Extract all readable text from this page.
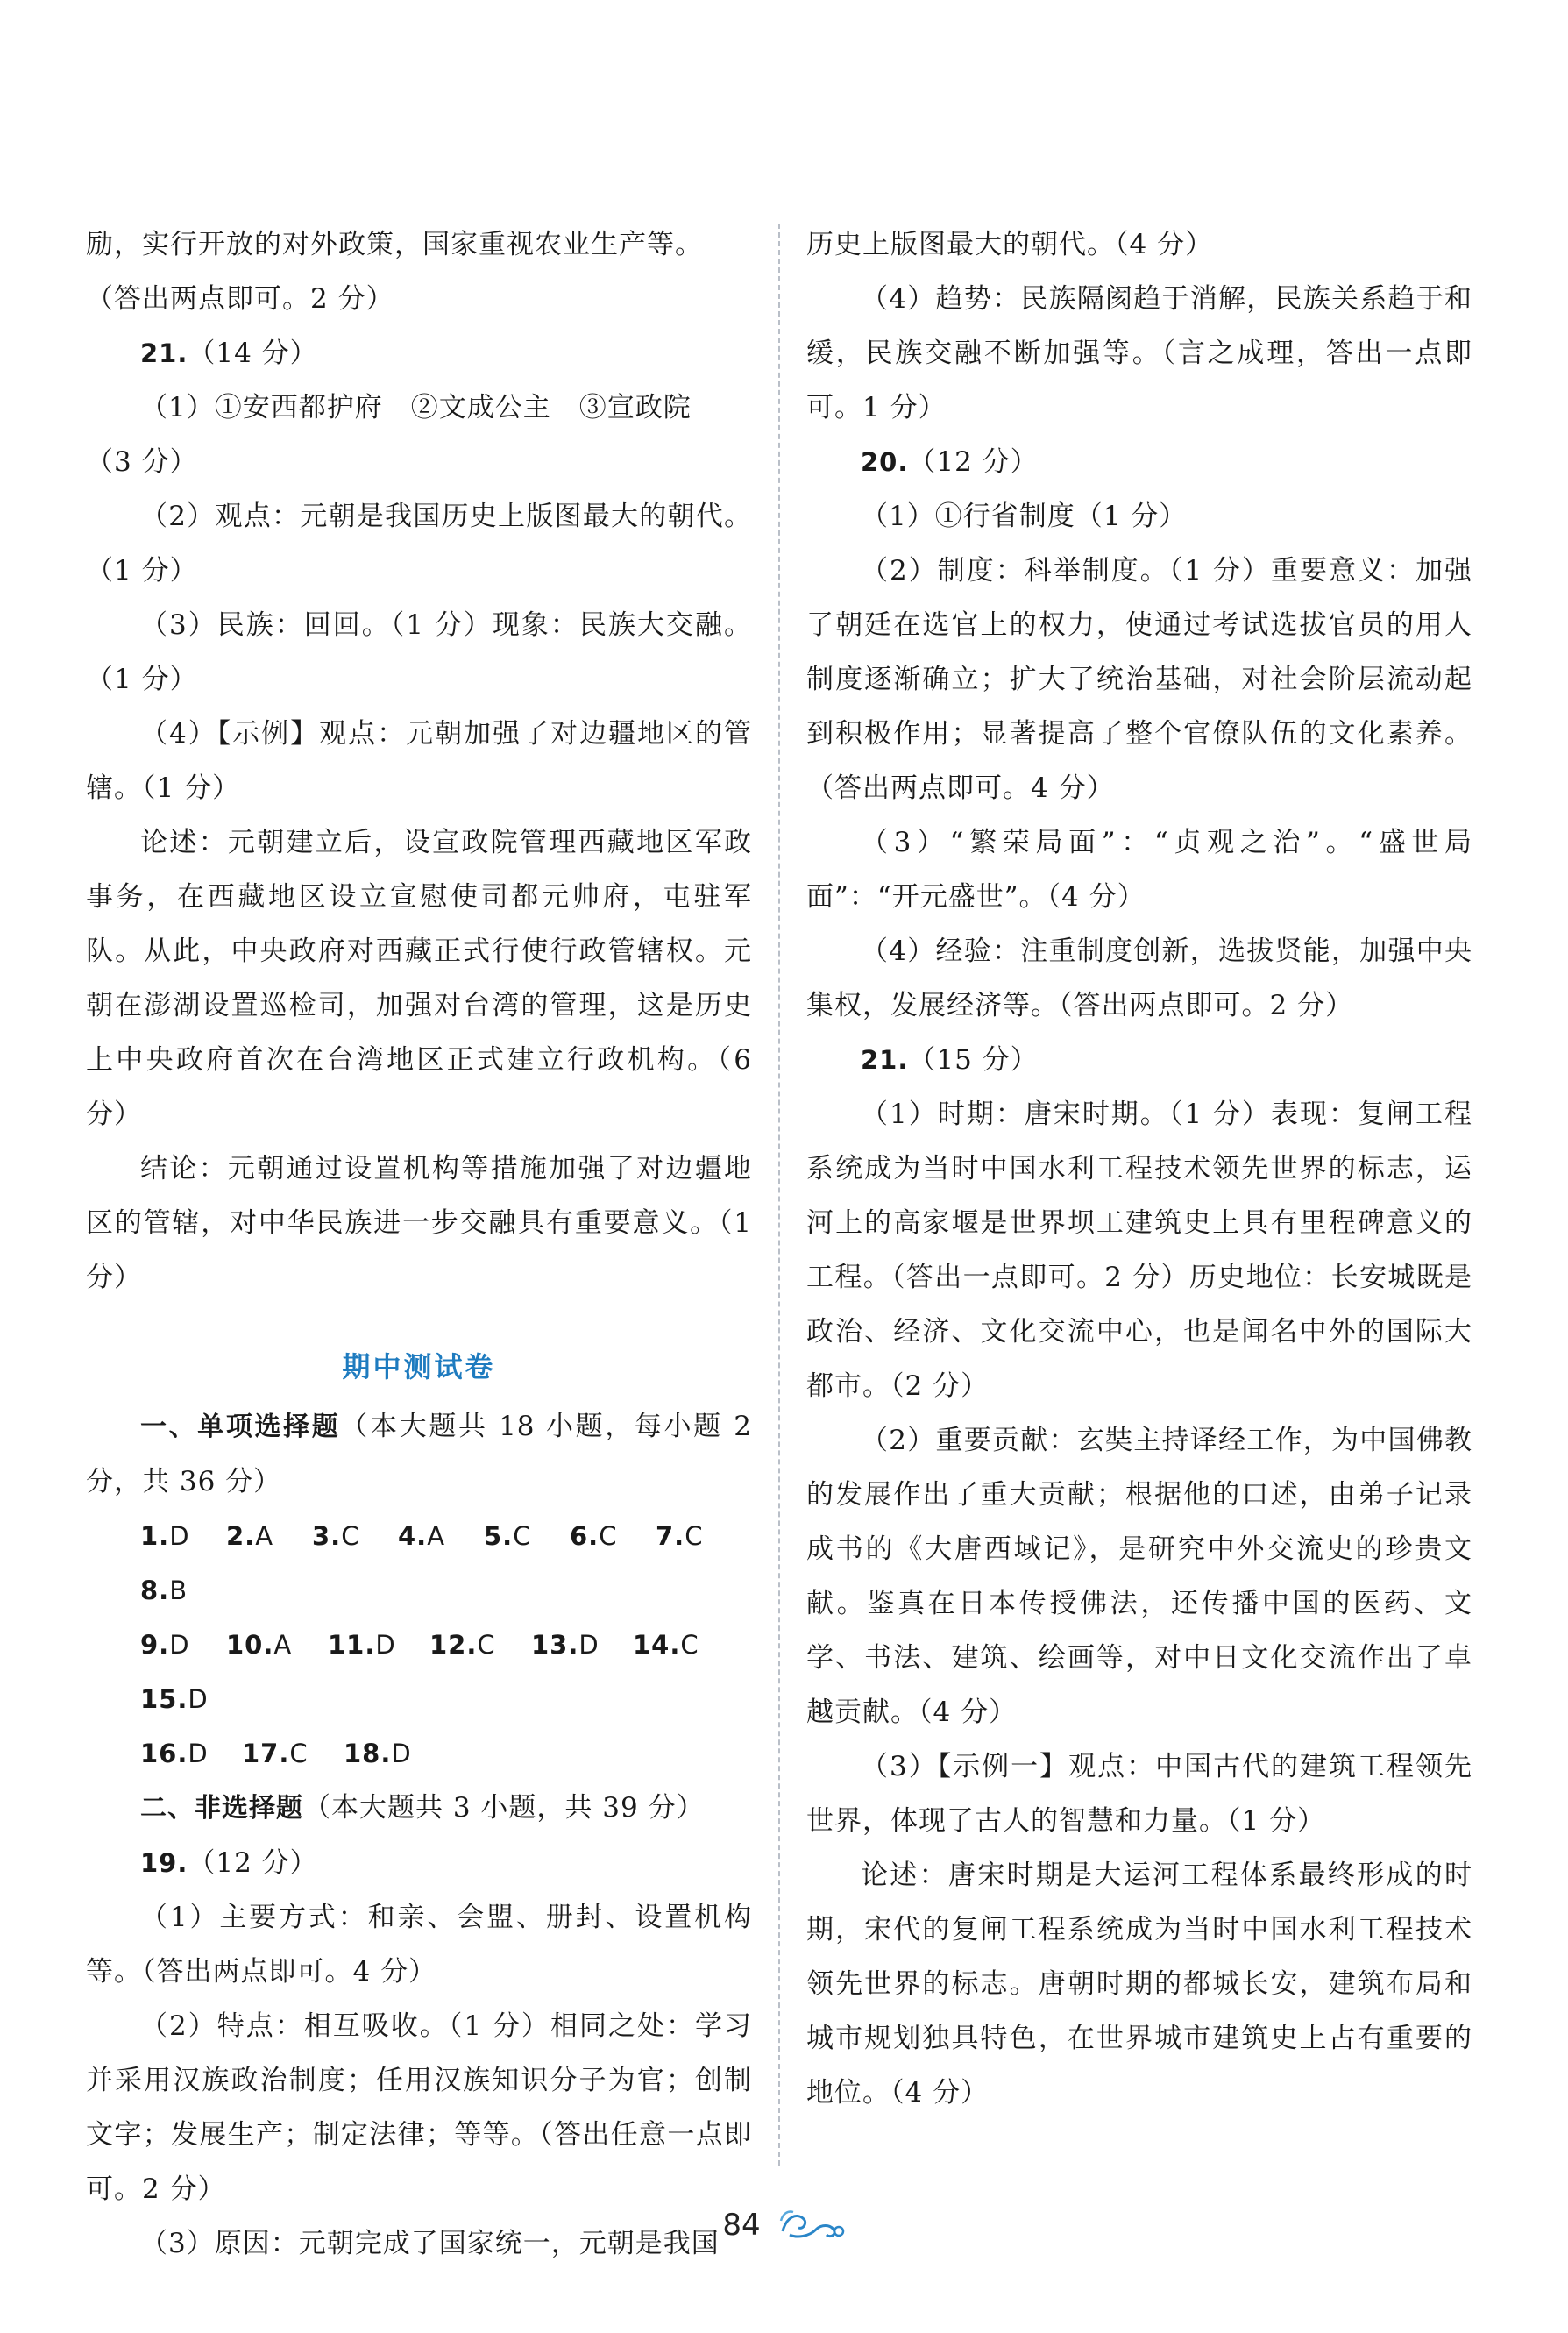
励，实行开放的对外政策，国家重视农业生产等。

（答出两点即可。2 分）

21.（14 分）

（1）①安西都护府　②文成公主　③宣政院

（3 分）

（2）观点：元朝是我国历史上版图最大的朝代。（1 分）

（3）民族：回回。（1 分）现象：民族大交融。（1 分）

（4）【示例】观点：元朝加强了对边疆地区的管辖。（1 分）

论述：元朝建立后，设宣政院管理西藏地区军政事务，在西藏地区设立宣慰使司都元帅府，屯驻军队。从此，中央政府对西藏正式行使行政管辖权。元朝在澎湖设置巡检司，加强对台湾的管理，这是历史上中央政府首次在台湾地区正式建立行政机构。（6 分）

结论：元朝通过设置机构等措施加强了对边疆地区的管辖，对中华民族进一步交融具有重要意义。（1 分）

期中测试卷

一、单项选择题（本大题共 18 小题，每小题 2 分，共 36 分）

1.D	2.A	3.C	4.A	5.C	6.C	7.C
8.B
9.D	10.A	11.D	12.C	13.D	14.C
15.D
16.D	17.C	18.D

二、非选择题（本大题共 3 小题，共 39 分）

19.（12 分）

（1）主要方式：和亲、会盟、册封、设置机构等。（答出两点即可。4 分）

（2）特点：相互吸收。（1 分）相同之处：学习并采用汉族政治制度；任用汉族知识分子为官；创制文字；发展生产；制定法律；等等。（答出任意一点即可。2 分）

（3）原因：元朝完成了国家统一，元朝是我国

历史上版图最大的朝代。（4 分）

（4）趋势：民族隔阂趋于消解，民族关系趋于和缓，民族交融不断加强等。（言之成理，答出一点即可。1 分）

20.（12 分）

（1）①行省制度（1 分）

（2）制度：科举制度。（1 分）重要意义：加强了朝廷在选官上的权力，使通过考试选拔官员的用人制度逐渐确立；扩大了统治基础，对社会阶层流动起到积极作用；显著提高了整个官僚队伍的文化素养。（答出两点即可。4 分）

（3）“繁荣局面”：“贞观之治”。“盛世局面”：“开元盛世”。（4 分）

（4）经验：注重制度创新，选拔贤能，加强中央集权，发展经济等。（答出两点即可。2 分）

21.（15 分）

（1）时期：唐宋时期。（1 分）表现：复闸工程系统成为当时中国水利工程技术领先世界的标志，运河上的高家堰是世界坝工建筑史上具有里程碑意义的工程。（答出一点即可。2 分）历史地位：长安城既是政治、经济、文化交流中心，也是闻名中外的国际大都市。（2 分）

（2）重要贡献：玄奘主持译经工作，为中国佛教的发展作出了重大贡献；根据他的口述，由弟子记录成书的《大唐西域记》，是研究中外交流史的珍贵文献。鉴真在日本传授佛法，还传播中国的医药、文学、书法、建筑、绘画等，对中日文化交流作出了卓越贡献。（4 分）

（3）【示例一】观点：中国古代的建筑工程领先世界，体现了古人的智慧和力量。（1 分）

论述：唐宋时期是大运河工程体系最终形成的时期，宋代的复闸工程系统成为当时中国水利工程技术领先世界的标志。唐朝时期的都城长安，建筑布局和城市规划独具特色，在世界城市建筑史上占有重要的地位。（4 分）

84
